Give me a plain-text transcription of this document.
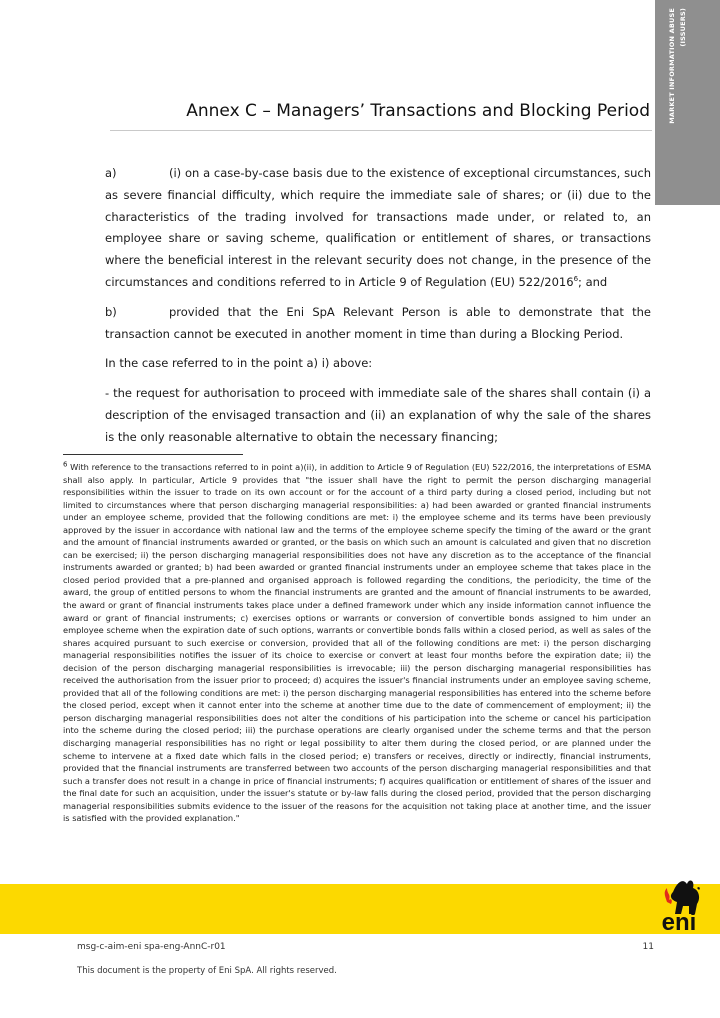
MARKET INFORMATION ABUSE (ISSUERS)
Annex C – Managers’ Transactions and Blocking Period

a)	(i) on a case-by-case basis due to the existence of exceptional circumstances, such as severe financial difficulty, which require the immediate sale of shares; or (ii) due to the characteristics of the trading involved for transactions made under, or related to, an employee share or saving scheme, qualification or entitlement of shares, or transactions where the beneficial interest in the relevant security does not change, in the presence of the circumstances and conditions referred to in Article 9 of Regulation (EU) 522/2016$^6$; and

b)	provided that the Eni SpA Relevant Person is able to demonstrate that the transaction cannot be executed in another moment in time than during a Blocking Period.

In the case referred to in the point a) i) above:

- the request for authorisation to proceed with immediate sale of the shares shall contain (i) a description of the envisaged transaction and (ii) an explanation of why the sale of the shares is the only reasonable alternative to obtain the necessary financing;

$^6$ With reference to the transactions referred to in point a)(ii), in addition to Article 9 of Regulation (EU) 522/2016, the interpretations of ESMA shall also apply. In particular, Article 9 provides that "the issuer shall have the right to permit the person discharging managerial responsibilities within the issuer to trade on its own account or for the account of a third party during a closed period, including but not limited to circumstances where that person discharging managerial responsibilities: a) had been awarded or granted financial instruments under an employee scheme, provided that the following conditions are met: i) the employee scheme and its terms have been previously approved by the issuer in accordance with national law and the terms of the employee scheme specify the timing of the award or the grant and the amount of financial instruments awarded or granted, or the basis on which such an amount is calculated and given that no discretion can be exercised; ii) the person discharging managerial responsibilities does not have any discretion as to the acceptance of the financial instruments awarded or granted; b) had been awarded or granted financial instruments under an employee scheme that takes place in the closed period provided that a pre-planned and organised approach is followed regarding the conditions, the periodicity, the time of the award, the group of entitled persons to whom the financial instruments are granted and the amount of financial instruments to be awarded, the award or grant of financial instruments takes place under a defined framework under which any inside information cannot influence the award or grant of financial instruments; c) exercises options or warrants or conversion of convertible bonds assigned to him under an employee scheme when the expiration date of such options, warrants or convertible bonds falls within a closed period, as well as sales of the shares acquired pursuant to such exercise or conversion, provided that all of the following conditions are met: i) the person discharging managerial responsibilities notifies the issuer of its choice to exercise or convert at least four months before the expiration date; ii) the decision of the person discharging managerial responsibilities is irrevocable; iii) the person discharging managerial responsibilities has received the authorisation from the issuer prior to proceed; d) acquires the issuer's financial instruments under an employee saving scheme, provided that all of the following conditions are met: i) the person discharging managerial responsibilities has entered into the scheme before the closed period, except when it cannot enter into the scheme at another time due to the date of commencement of employment; ii) the person discharging managerial responsibilities does not alter the conditions of his participation into the scheme or cancel his participation into the scheme during the closed period; iii) the purchase operations are clearly organised under the scheme terms and that the person discharging managerial responsibilities has no right or legal possibility to alter them during the closed period, or are planned under the scheme to intervene at a fixed date which falls in the closed period; e) transfers or receives, directly or indirectly, financial instruments, provided that the financial instruments are transferred between two accounts of the person discharging managerial responsibilities and that such a transfer does not result in a change in price of financial instruments; f) acquires qualification or entitlement of shares of the issuer and the final date for such an acquisition, under the issuer's statute or by-law falls during the closed period, provided that the person discharging managerial responsibilities submits evidence to the issuer of the reasons for the acquisition not taking place at another time, and the issuer is satisfied with the provided explanation."
eni
msg-c-aim-eni spa-eng-AnnC-r01	11
This document is the property of Eni SpA. All rights reserved.
